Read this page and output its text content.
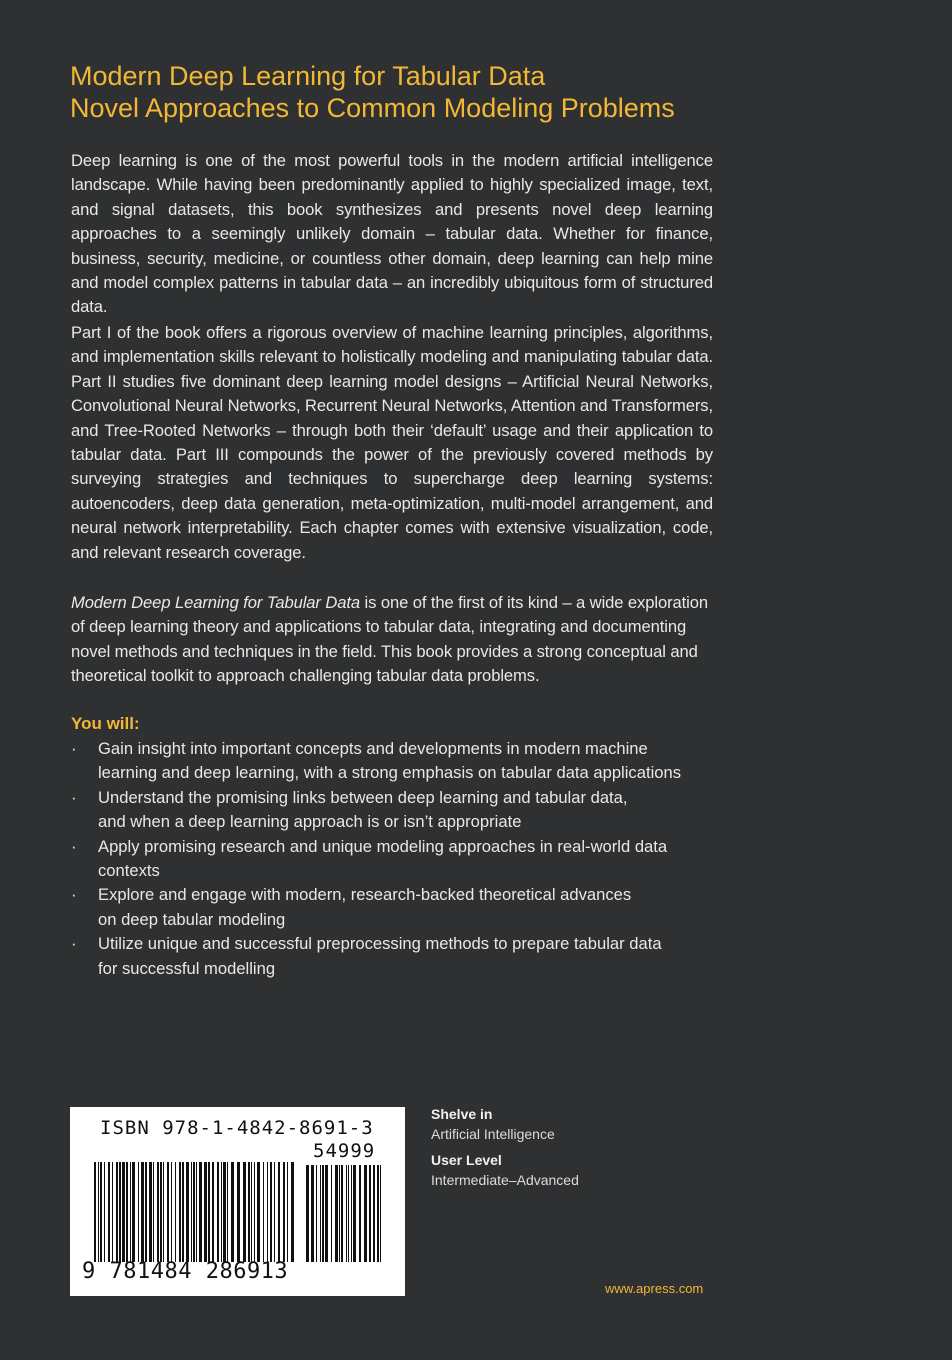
Modern Deep Learning for Tabular Data
Novel Approaches to Common Modeling Problems
Deep learning is one of the most powerful tools in the modern artificial intelligence landscape. While having been predominantly applied to highly specialized image, text, and signal datasets, this book synthesizes and presents novel deep learning approaches to a seemingly unlikely domain – tabular data. Whether for finance, business, security, medicine, or countless other domain, deep learning can help mine and model complex patterns in tabular data – an incredibly ubiquitous form of structured data.
Part I of the book offers a rigorous overview of machine learning principles, algorithms, and implementation skills relevant to holistically modeling and manipulating tabular data. Part II studies five dominant deep learning model designs – Artificial Neural Networks, Convolutional Neural Networks, Recurrent Neural Networks, Attention and Transformers, and Tree-Rooted Networks – through both their ‘default’ usage and their application to tabular data. Part III compounds the power of the previously covered methods by surveying strategies and techniques to supercharge deep learning systems: autoencoders, deep data generation, meta-optimization, multi-model arrangement, and neural network interpretability. Each chapter comes with extensive visualization, code, and relevant research coverage.
Modern Deep Learning for Tabular Data is one of the first of its kind – a wide exploration of deep learning theory and applications to tabular data, integrating and documenting novel methods and techniques in the field. This book provides a strong conceptual and theoretical toolkit to approach challenging tabular data problems.
You will:
· Gain insight into important concepts and developments in modern machine
learning and deep learning, with a strong emphasis on tabular data applications
· Understand the promising links between deep learning and tabular data,
and when a deep learning approach is or isn’t appropriate
· Apply promising research and unique modeling approaches in real-world data
contexts
· Explore and engage with modern, research-backed theoretical advances
on deep tabular modeling
· Utilize unique and successful preprocessing methods to prepare tabular data
for successful modelling
ISBN 978-1-4842-8691-3
54999
9 781484 286913
Shelve in
Artificial Intelligence
User Level
Intermediate–Advanced
www.apress.com
